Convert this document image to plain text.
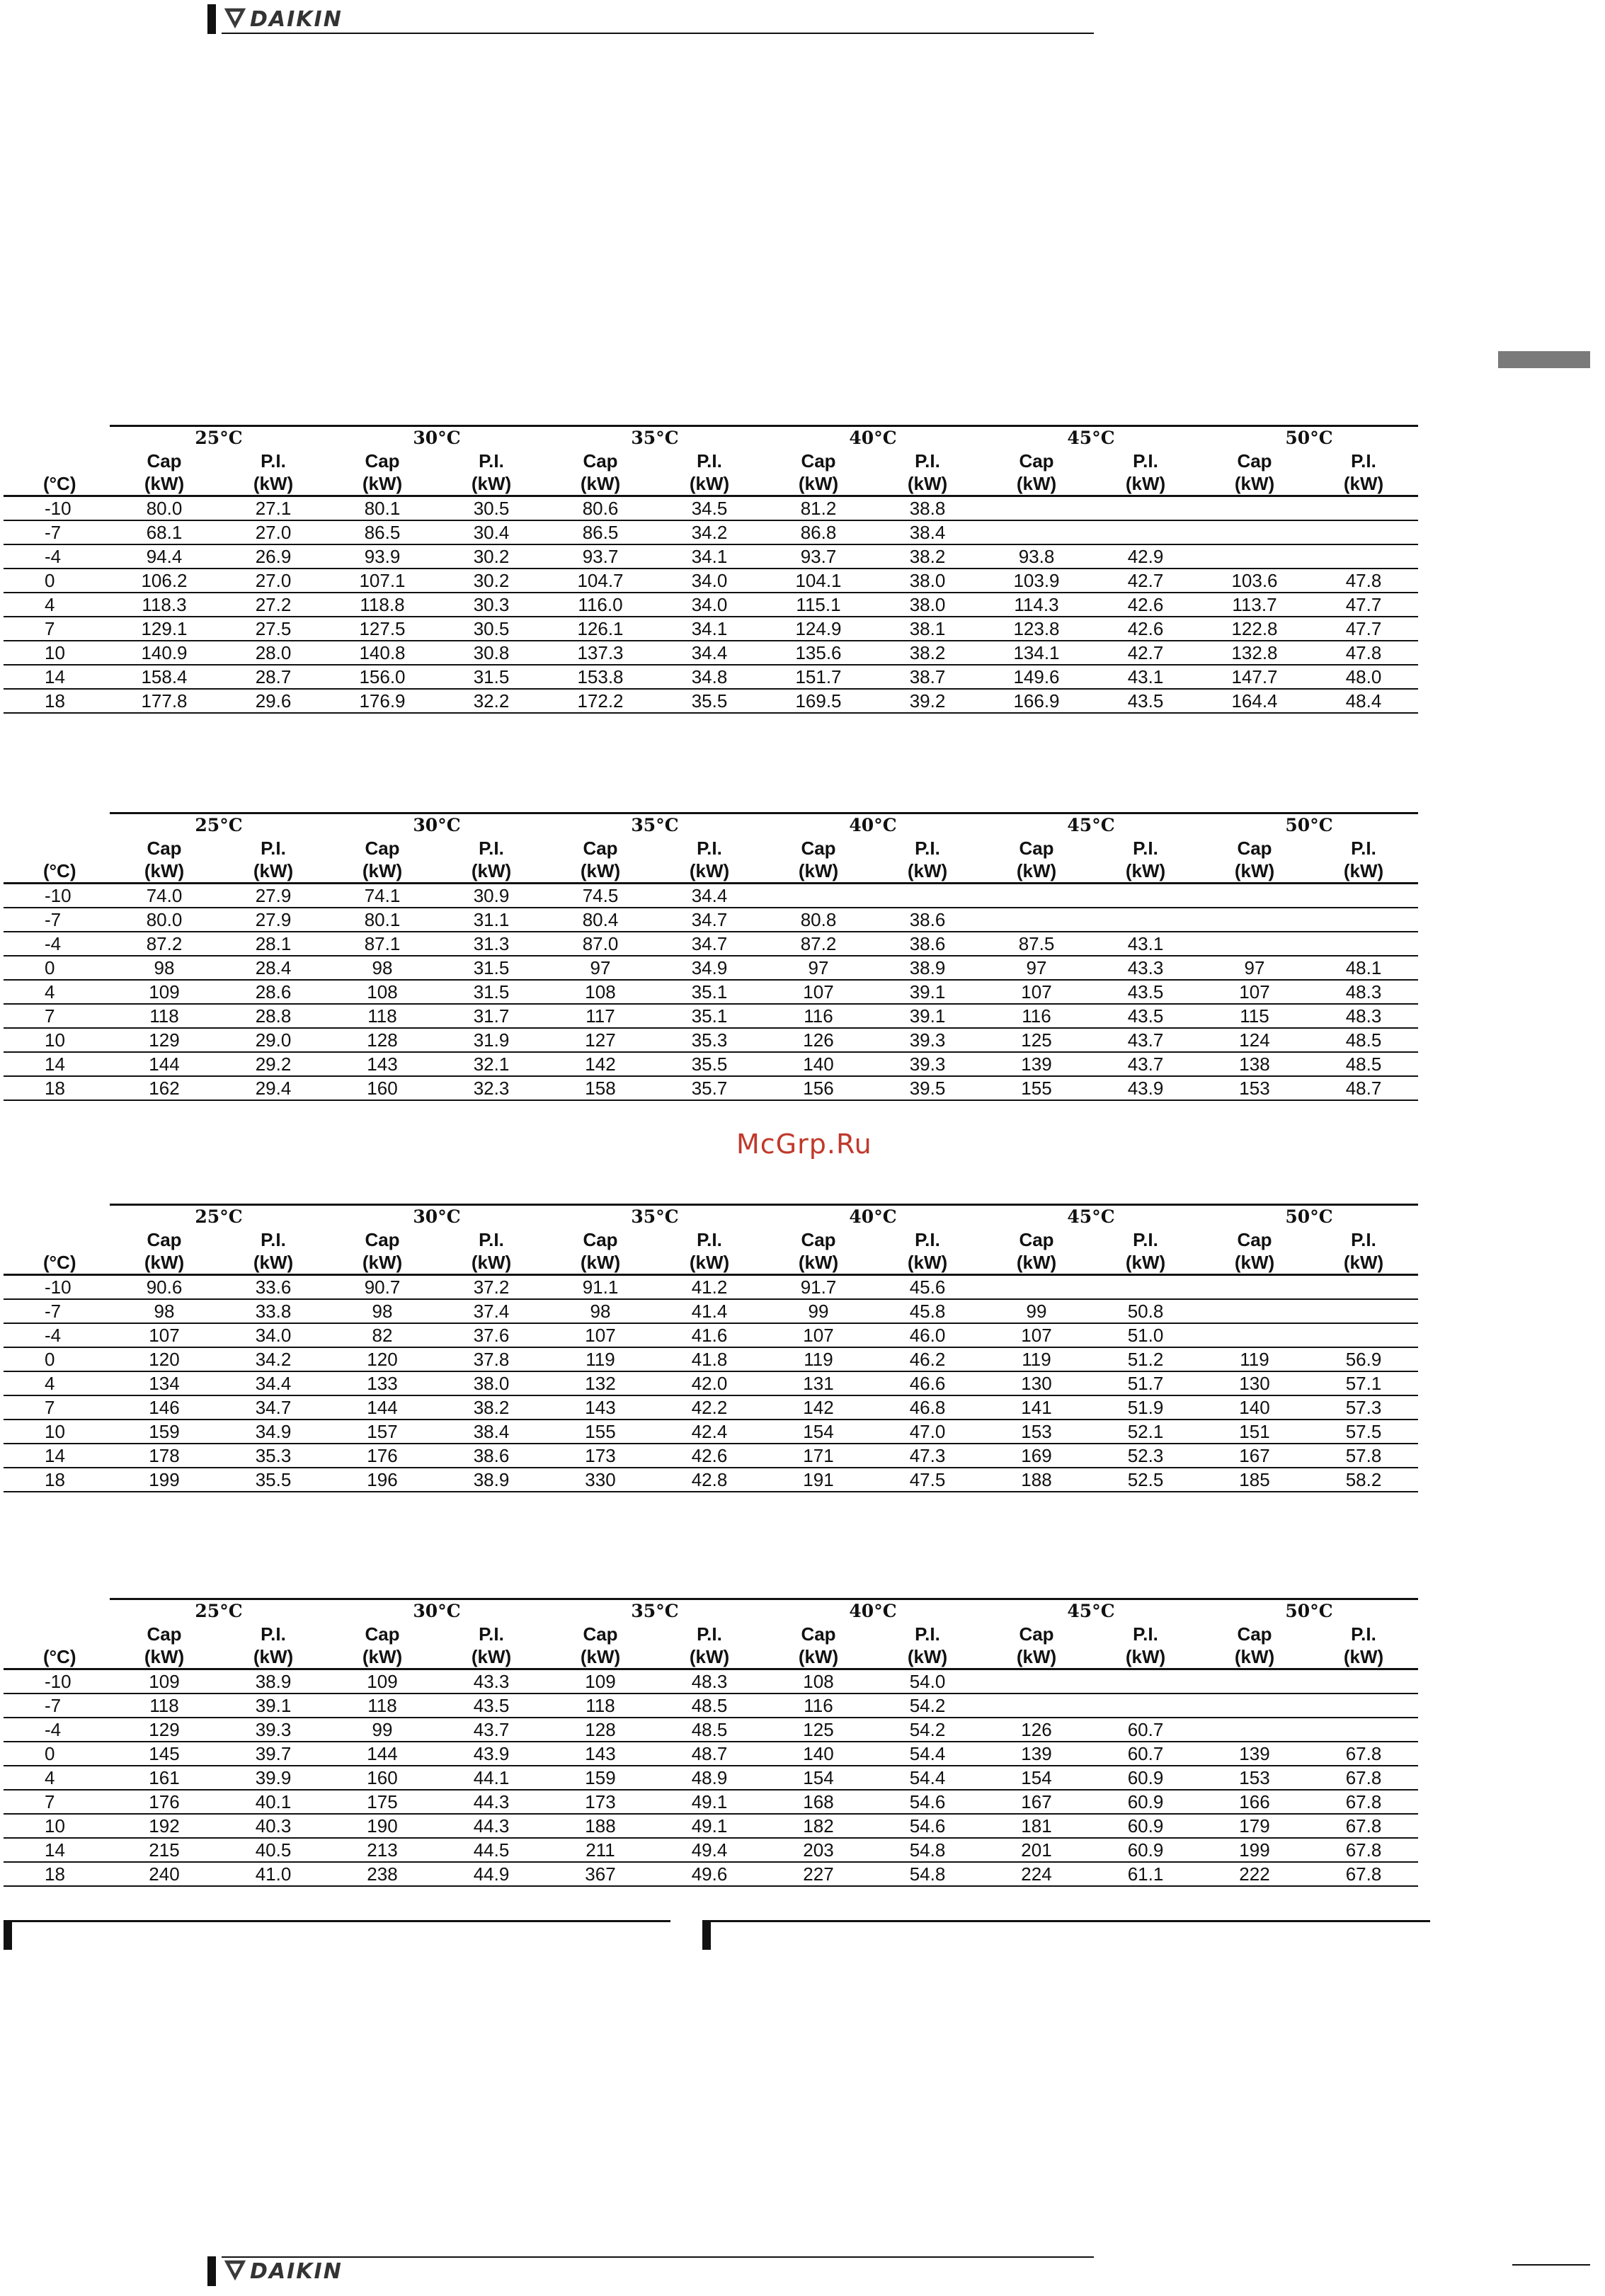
DAIKIN
	25°C		30°C		35°C		40°C		45°C		50°C	
	Cap	P.I.	Cap	P.I.	Cap	P.I.	Cap	P.I.	Cap	P.I.	Cap	P.I.
(°C)	(kW)	(kW)	(kW)	(kW)	(kW)	(kW)	(kW)	(kW)	(kW)	(kW)	(kW)	(kW)
-10	80.0	27.1	80.1	30.5	80.6	34.5	81.2	38.8				
-7	68.1	27.0	86.5	30.4	86.5	34.2	86.8	38.4				
-4	94.4	26.9	93.9	30.2	93.7	34.1	93.7	38.2	93.8	42.9		
0	106.2	27.0	107.1	30.2	104.7	34.0	104.1	38.0	103.9	42.7	103.6	47.8
4	118.3	27.2	118.8	30.3	116.0	34.0	115.1	38.0	114.3	42.6	113.7	47.7
7	129.1	27.5	127.5	30.5	126.1	34.1	124.9	38.1	123.8	42.6	122.8	47.7
10	140.9	28.0	140.8	30.8	137.3	34.4	135.6	38.2	134.1	42.7	132.8	47.8
14	158.4	28.7	156.0	31.5	153.8	34.8	151.7	38.7	149.6	43.1	147.7	48.0
18	177.8	29.6	176.9	32.2	172.2	35.5	169.5	39.2	166.9	43.5	164.4	48.4
	25°C		30°C		35°C		40°C		45°C		50°C	
	Cap	P.I.	Cap	P.I.	Cap	P.I.	Cap	P.I.	Cap	P.I.	Cap	P.I.
(°C)	(kW)	(kW)	(kW)	(kW)	(kW)	(kW)	(kW)	(kW)	(kW)	(kW)	(kW)	(kW)
-10	74.0	27.9	74.1	30.9	74.5	34.4						
-7	80.0	27.9	80.1	31.1	80.4	34.7	80.8	38.6				
-4	87.2	28.1	87.1	31.3	87.0	34.7	87.2	38.6	87.5	43.1		
0	98	28.4	98	31.5	97	34.9	97	38.9	97	43.3	97	48.1
4	109	28.6	108	31.5	108	35.1	107	39.1	107	43.5	107	48.3
7	118	28.8	118	31.7	117	35.1	116	39.1	116	43.5	115	48.3
10	129	29.0	128	31.9	127	35.3	126	39.3	125	43.7	124	48.5
14	144	29.2	143	32.1	142	35.5	140	39.3	139	43.7	138	48.5
18	162	29.4	160	32.3	158	35.7	156	39.5	155	43.9	153	48.7
McGrp.Ru
	25°C		30°C		35°C		40°C		45°C		50°C	
	Cap	P.I.	Cap	P.I.	Cap	P.I.	Cap	P.I.	Cap	P.I.	Cap	P.I.
(°C)	(kW)	(kW)	(kW)	(kW)	(kW)	(kW)	(kW)	(kW)	(kW)	(kW)	(kW)	(kW)
-10	90.6	33.6	90.7	37.2	91.1	41.2	91.7	45.6				
-7	98	33.8	98	37.4	98	41.4	99	45.8	99	50.8		
-4	107	34.0	82	37.6	107	41.6	107	46.0	107	51.0		
0	120	34.2	120	37.8	119	41.8	119	46.2	119	51.2	119	56.9
4	134	34.4	133	38.0	132	42.0	131	46.6	130	51.7	130	57.1
7	146	34.7	144	38.2	143	42.2	142	46.8	141	51.9	140	57.3
10	159	34.9	157	38.4	155	42.4	154	47.0	153	52.1	151	57.5
14	178	35.3	176	38.6	173	42.6	171	47.3	169	52.3	167	57.8
18	199	35.5	196	38.9	330	42.8	191	47.5	188	52.5	185	58.2
	25°C		30°C		35°C		40°C		45°C		50°C	
	Cap	P.I.	Cap	P.I.	Cap	P.I.	Cap	P.I.	Cap	P.I.	Cap	P.I.
(°C)	(kW)	(kW)	(kW)	(kW)	(kW)	(kW)	(kW)	(kW)	(kW)	(kW)	(kW)	(kW)
-10	109	38.9	109	43.3	109	48.3	108	54.0				
-7	118	39.1	118	43.5	118	48.5	116	54.2				
-4	129	39.3	99	43.7	128	48.5	125	54.2	126	60.7		
0	145	39.7	144	43.9	143	48.7	140	54.4	139	60.7	139	67.8
4	161	39.9	160	44.1	159	48.9	154	54.4	154	60.9	153	67.8
7	176	40.1	175	44.3	173	49.1	168	54.6	167	60.9	166	67.8
10	192	40.3	190	44.3	188	49.1	182	54.6	181	60.9	179	67.8
14	215	40.5	213	44.5	211	49.4	203	54.8	201	60.9	199	67.8
18	240	41.0	238	44.9	367	49.6	227	54.8	224	61.1	222	67.8
DAIKIN
